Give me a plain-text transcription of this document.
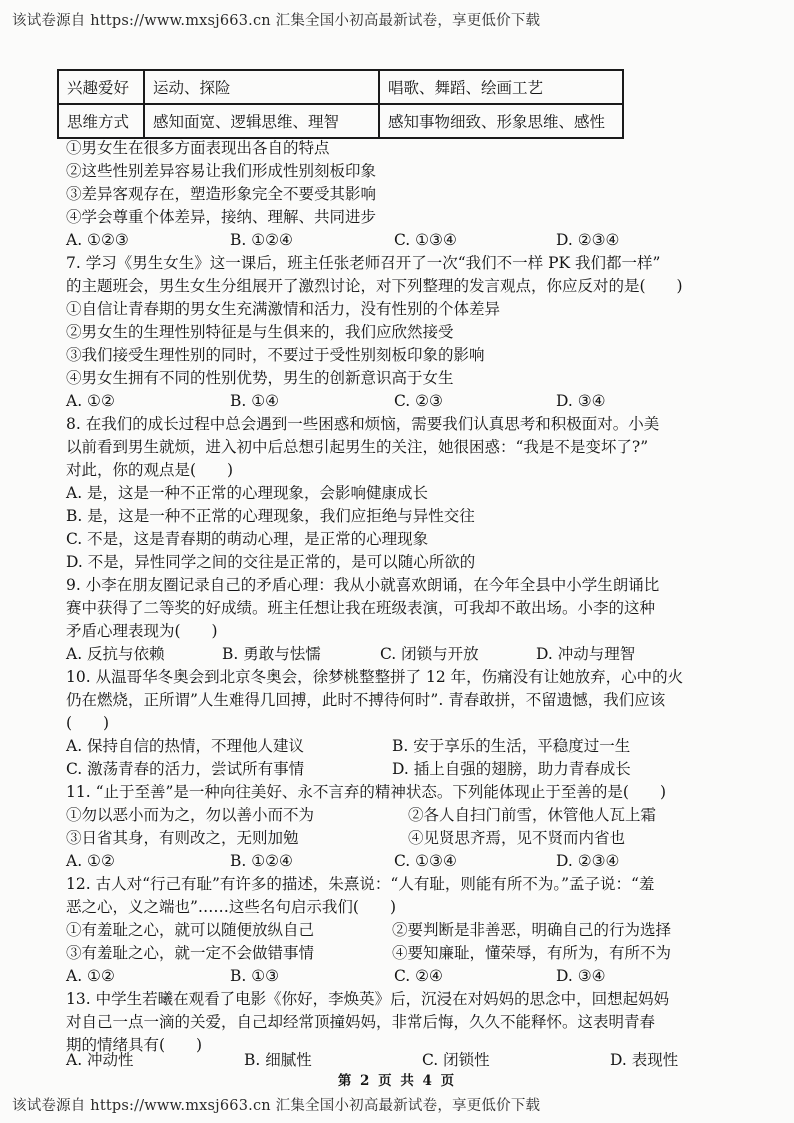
该试卷源自 https://www.mxsj663.cn 汇集全国小初高最新试卷，享更低价下载
兴趣爱好	运动、探险	唱歌、舞蹈、绘画工艺
思维方式	感知面宽、逻辑思维、理智	感知事物细致、形象思维、感性
①男女生在很多方面表现出各自的特点
②这些性别差异容易让我们形成性别刻板印象
③差异客观存在，塑造形象完全不要受其影响
④学会尊重个体差异，接纳、理解、共同进步
A. ①②③	B. ①②④	C. ①③④	D. ②③④
7. 学习《男生女生》这一课后，班主任张老师召开了一次“我们不一样 PK 我们都一样”
的主题班会，男生女生分组展开了激烈讨论，对下列整理的发言观点，你应反对的是(　　)
①自信让青春期的男女生充满激情和活力，没有性别的个体差异
②男女生的生理性别特征是与生俱来的，我们应欣然接受
③我们接受生理性别的同时，不要过于受性别刻板印象的影响
④男女生拥有不同的性别优势，男生的创新意识高于女生
A. ①②	B. ①④	C. ②③	D. ③④
8. 在我们的成长过程中总会遇到一些困惑和烦恼，需要我们认真思考和积极面对。小美
以前看到男生就烦，进入初中后总想引起男生的关注，她很困惑：“我是不是变坏了?”
对此，你的观点是(　　)
A. 是，这是一种不正常的心理现象，会影响健康成长
B. 是，这是一种不正常的心理现象，我们应拒绝与异性交往
C. 不是，这是青春期的萌动心理，是正常的心理现象
D. 不是，异性同学之间的交往是正常的，是可以随心所欲的
9. 小李在朋友圈记录自己的矛盾心理：我从小就喜欢朗诵，在今年全县中小学生朗诵比
赛中获得了二等奖的好成绩。班主任想让我在班级表演，可我却不敢出场。小李的这种
矛盾心理表现为(　　)
A. 反抗与依赖	B. 勇敢与怯懦	C. 闭锁与开放	D. 冲动与理智
10. 从温哥华冬奥会到北京冬奥会，徐梦桃整整拼了 12 年，伤痛没有让她放弃，心中的火
仍在燃烧，正所谓”人生难得几回搏，此时不搏待何时”. 青春敢拼，不留遗憾，我们应该
(　　)
A. 保持自信的热情，不理他人建议	B. 安于享乐的生活，平稳度过一生
C. 激荡青春的活力，尝试所有事情	D. 插上自强的翅膀，助力青春成长
11. “止于至善”是一种向往美好、永不言弃的精神状态。下列能体现止于至善的是(　　)
①勿以恶小而为之，勿以善小而不为	②各人自扫门前雪，休管他人瓦上霜
③日省其身，有则改之，无则加勉	④见贤思齐焉，见不贤而内省也
A. ①②	B. ①②④	C. ①③④	D. ②③④
12. 古人对“行己有耻”有许多的描述，朱熹说：“人有耻，则能有所不为。”孟子说：“羞
恶之心，义之端也”……这些名句启示我们(　　)
①有羞耻之心，就可以随便放纵自己	②要判断是非善恶，明确自己的行为选择
③有羞耻之心，就一定不会做错事情	④要知廉耻，懂荣辱，有所为，有所不为
A. ①②	B. ①③	C. ②④	D. ③④
13. 中学生若曦在观看了电影《你好，李焕英》后，沉浸在对妈妈的思念中，回想起妈妈
对自己一点一滴的关爱，自己却经常顶撞妈妈，非常后悔，久久不能释怀。这表明青春
期的情绪具有(　　)
A. 冲动性	B. 细腻性	C. 闭锁性	D. 表现性
第 2 页 共 4 页
该试卷源自 https://www.mxsj663.cn 汇集全国小初高最新试卷，享更低价下载
